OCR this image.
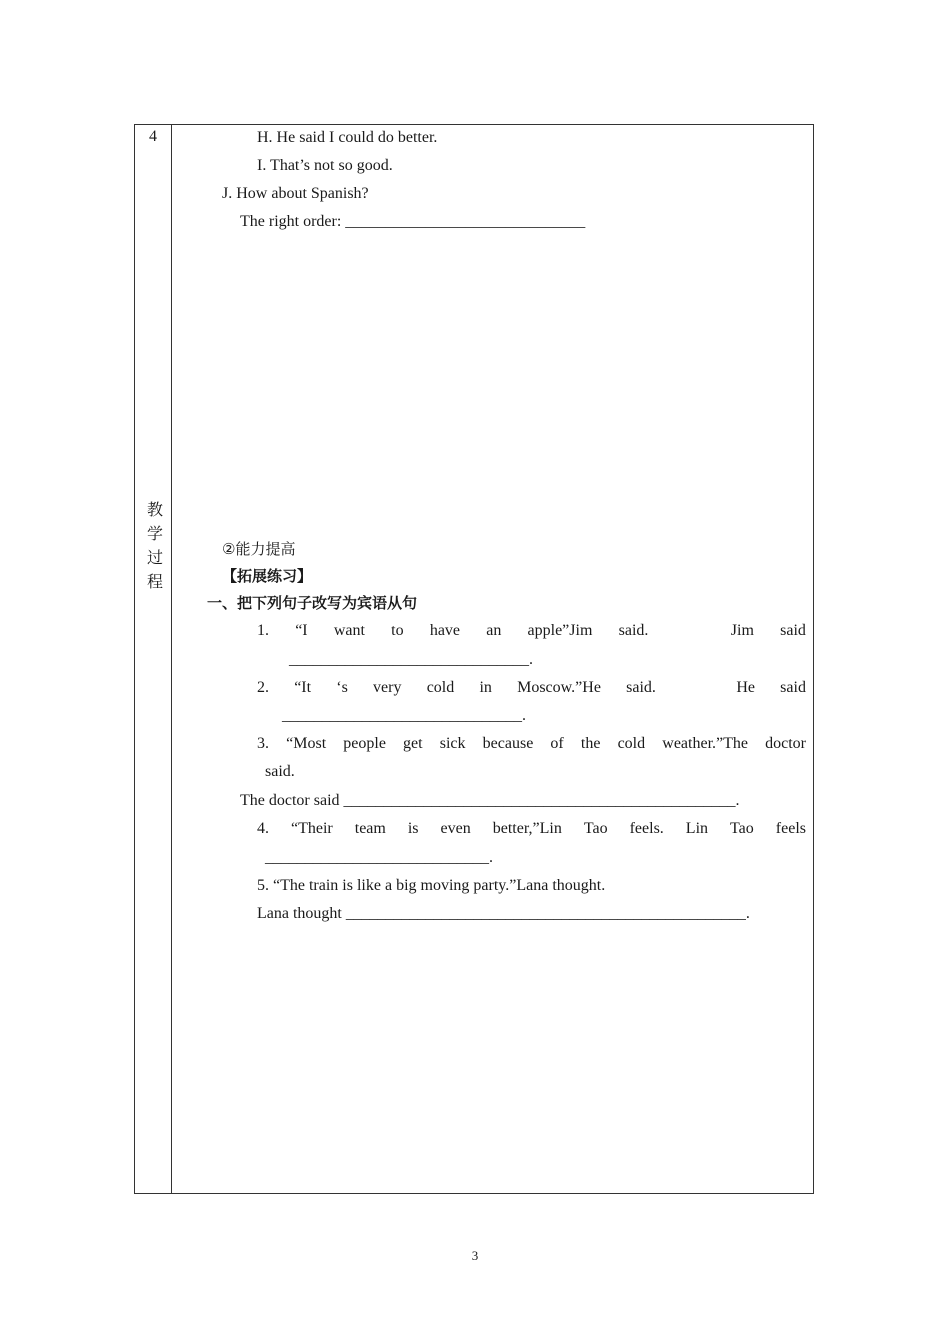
4
教
学
过
程
H. He said I could do better.
I. That’s not so good.
J. How about Spanish?
The right order: ______________________________
②能力提高
【拓展练习】
一、把下列句子改写为宾语从句
1. “I want to have an apple”Jim said.	Jim said
______________________________.
2. “It ‘s very cold in Moscow.”He said.	He said
______________________________.
3. “Most people get sick because of the cold weather.”The doctor
said.
The doctor said _________________________________________________.
4. “Their team is even better,”Lin Tao feels. Lin Tao feels
____________________________.
5. “The train is like a big moving party.”Lana thought.
Lana thought __________________________________________________.
3
